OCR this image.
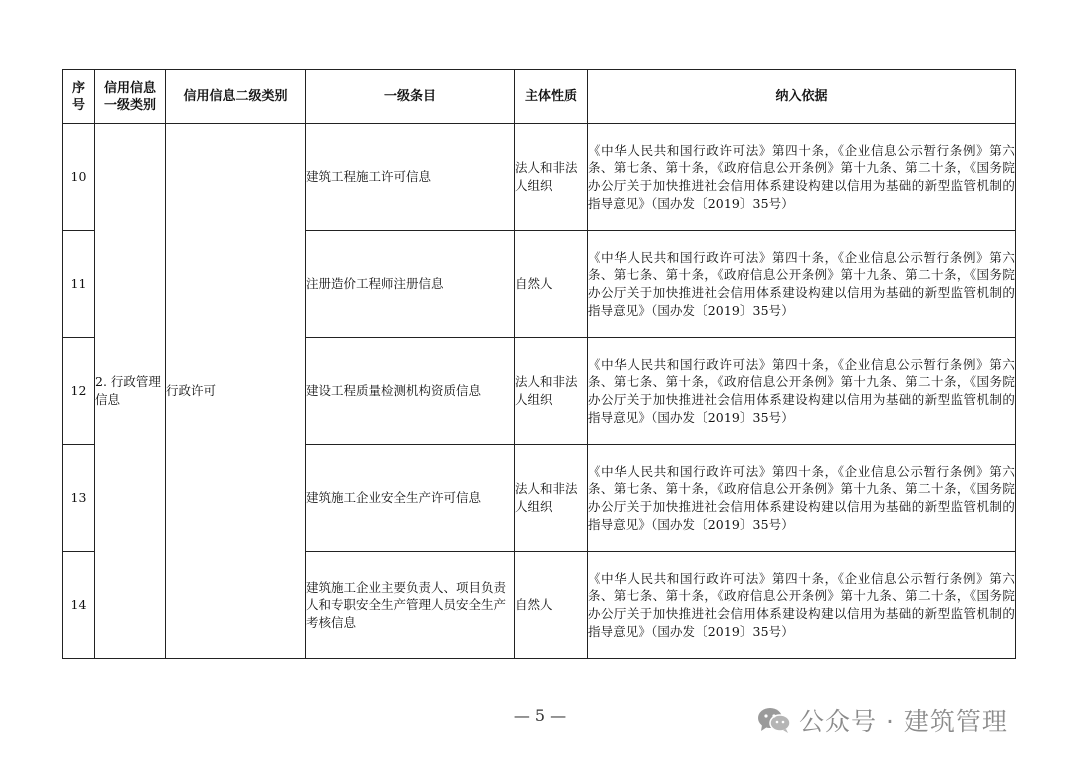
序号	信用信息一级类别	信用信息二级类别	一级条目	主体性质	纳入依据
10	2. 行政管理信息	行政许可	建筑工程施工许可信息	法人和非法人组织	《中华人民共和国行政许可法》第四十条，《企业信息公示暂行条例》第六条、第七条、第十条，《政府信息公开条例》第十九条、第二十条，《国务院办公厅关于加快推进社会信用体系建设构建以信用为基础的新型监管机制的指导意见》（国办发〔2019〕35号）
11			注册造价工程师注册信息	自然人	《中华人民共和国行政许可法》第四十条，《企业信息公示暂行条例》第六条、第七条、第十条，《政府信息公开条例》第十九条、第二十条，《国务院办公厅关于加快推进社会信用体系建设构建以信用为基础的新型监管机制的指导意见》（国办发〔2019〕35号）
12			建设工程质量检测机构资质信息	法人和非法人组织	《中华人民共和国行政许可法》第四十条，《企业信息公示暂行条例》第六条、第七条、第十条，《政府信息公开条例》第十九条、第二十条，《国务院办公厅关于加快推进社会信用体系建设构建以信用为基础的新型监管机制的指导意见》（国办发〔2019〕35号）
13			建筑施工企业安全生产许可信息	法人和非法人组织	《中华人民共和国行政许可法》第四十条，《企业信息公示暂行条例》第六条、第七条、第十条，《政府信息公开条例》第十九条、第二十条，《国务院办公厅关于加快推进社会信用体系建设构建以信用为基础的新型监管机制的指导意见》（国办发〔2019〕35号）
14			建筑施工企业主要负责人、项目负责人和专职安全生产管理人员安全生产考核信息	自然人	《中华人民共和国行政许可法》第四十条，《企业信息公示暂行条例》第六条、第七条、第十条，《政府信息公开条例》第十九条、第二十条，《国务院办公厅关于加快推进社会信用体系建设构建以信用为基础的新型监管机制的指导意见》（国办发〔2019〕35号）
— 5 —	公众号 · 建筑管理
